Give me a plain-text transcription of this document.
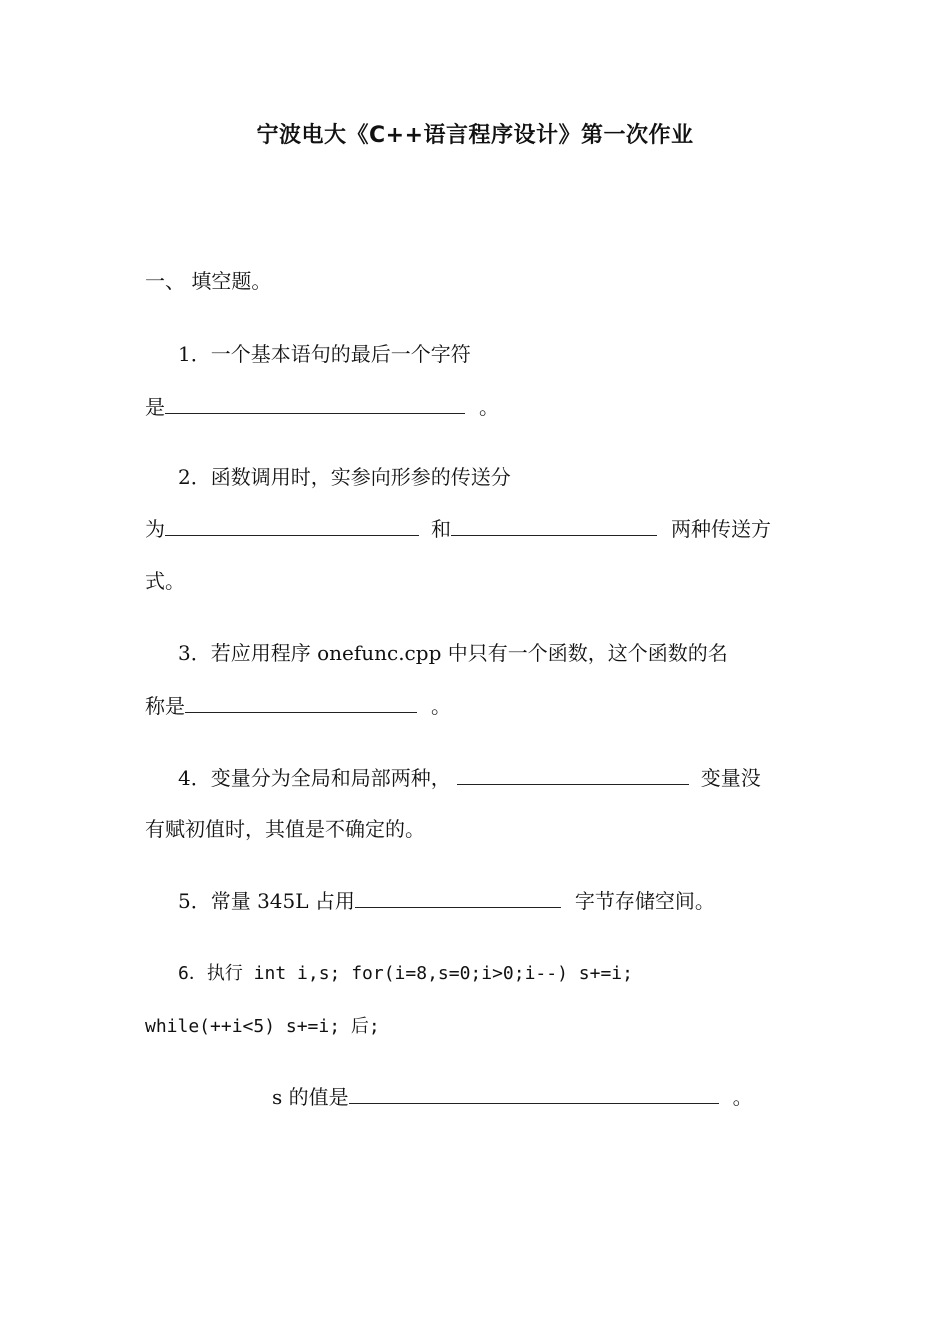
宁波电大《C++语言程序设计》第一次作业
一、 填空题。
1．一个基本语句的最后一个字符
是	。
2．函数调用时，实参向形参的传送分
为	和	两种传送方
式。
3．若应用程序 onefunc.cpp 中只有一个函数，这个函数的名
称是	。
4．变量分为全局和局部两种，	变量没
有赋初值时，其值是不确定的。
5．常量 345L 占用	字节存储空间。
6．执行 int i,s; for(i=8,s=0;i>0;i--) s+=i;
while(++i<5) s+=i; 后;
s 的值是	。
